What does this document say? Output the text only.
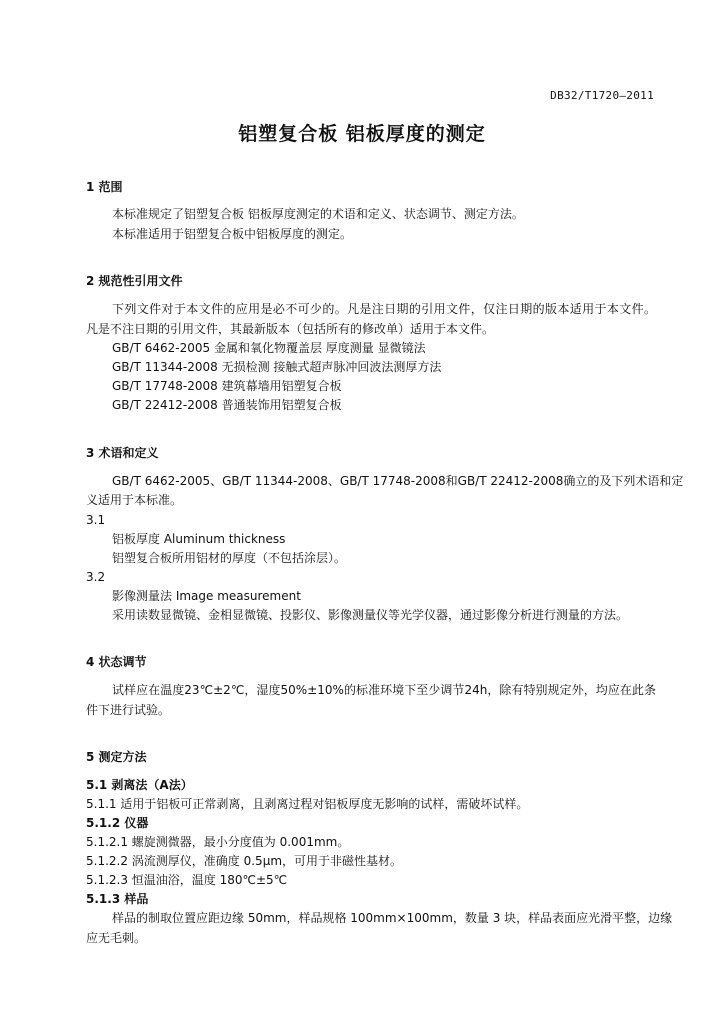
DB32/T1720—2011
铝塑复合板 铝板厚度的测定
1 范围
本标准规定了铝塑复合板 铝板厚度测定的术语和定义、状态调节、测定方法。
本标准适用于铝塑复合板中铝板厚度的测定。
2 规范性引用文件
下列文件对于本文件的应用是必不可少的。凡是注日期的引用文件，仅注日期的版本适用于本文件。
凡是不注日期的引用文件，其最新版本（包括所有的修改单）适用于本文件。
GB/T 6462-2005 金属和氧化物覆盖层 厚度测量 显微镜法
GB/T 11344-2008 无损检测 接触式超声脉冲回波法测厚方法
GB/T 17748-2008 建筑幕墙用铝塑复合板
GB/T 22412-2008 普通装饰用铝塑复合板
3 术语和定义
GB/T 6462-2005、GB/T 11344-2008、GB/T 17748-2008和GB/T 22412-2008确立的及下列术语和定
义适用于本标准。
3.1
铝板厚度 Aluminum thickness
铝塑复合板所用铝材的厚度（不包括涂层）。
3.2
影像测量法 Image measurement
采用读数显微镜、金相显微镜、投影仪、影像测量仪等光学仪器，通过影像分析进行测量的方法。
4 状态调节
试样应在温度23℃±2℃，湿度50%±10%的标准环境下至少调节24h，除有特别规定外，均应在此条
件下进行试验。
5 测定方法
5.1 剥离法（A法）
5.1.1 适用于铝板可正常剥离，且剥离过程对铝板厚度无影响的试样，需破坏试样。
5.1.2 仪器
5.1.2.1 螺旋测微器，最小分度值为 0.001mm。
5.1.2.2 涡流测厚仪，准确度 0.5μm，可用于非磁性基材。
5.1.2.3 恒温油浴，温度 180℃±5℃
5.1.3 样品
样品的制取位置应距边缘 50mm，样品规格 100mm×100mm，数量 3 块，样品表面应光滑平整，边缘
应无毛刺。
